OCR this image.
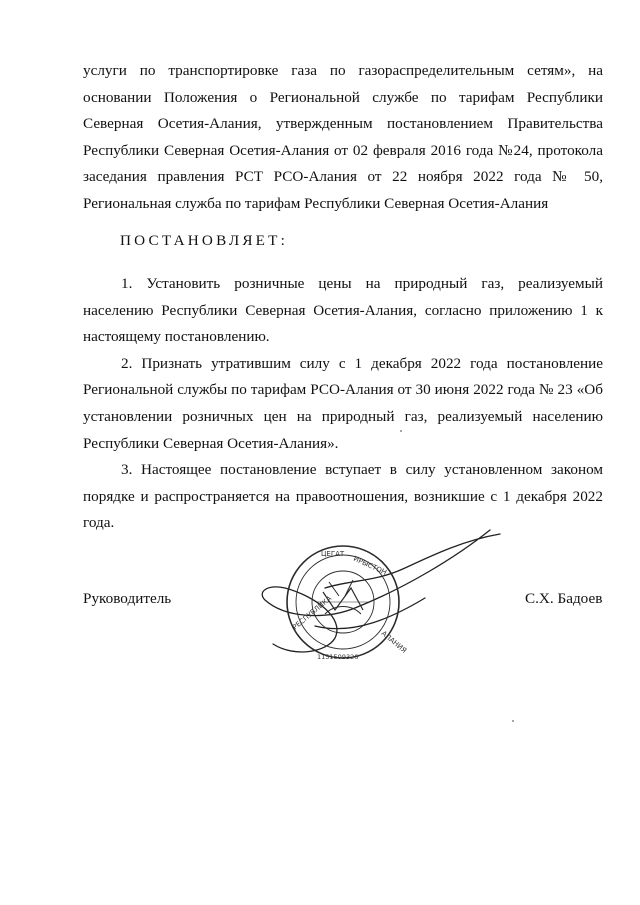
услуги по транспортировке газа по газораспределительным сетям», на основании Положения о Региональной службе по тарифам Республики Северная Осетия-Алания, утвержденным постановлением Правительства Республики Северная Осетия-Алания от 02 февраля 2016 года №24, протокола заседания правления РСТ РСО-Алания от 22 ноября 2022 года № 50, Региональная служба по тарифам Республики Северная Осетия-Алания

ПОСТАНОВЛЯЕТ:

1. Установить розничные цены на природный газ, реализуемый населению Республики Северная Осетия-Алания, согласно приложению 1 к настоящему постановлению.

2. Признать утратившим силу с 1 декабря 2022 года постановление Региональной службы по тарифам РСО-Алания от 30 июня 2022 года № 23 «Об установлении розничных цен на природный газ, реализуемый населению Республики Северная Осетия-Алания».

3. Настоящее постановление вступает в силу установленном законом порядке и распространяется на правоотношения, возникшие с 1 декабря 2022 года.

Руководитель	С.Х. Бадоев
ЦЕГАТ
ИРЫСТОН
РЕСПУБЛИКА
АЛАНИЯ
1151509326
